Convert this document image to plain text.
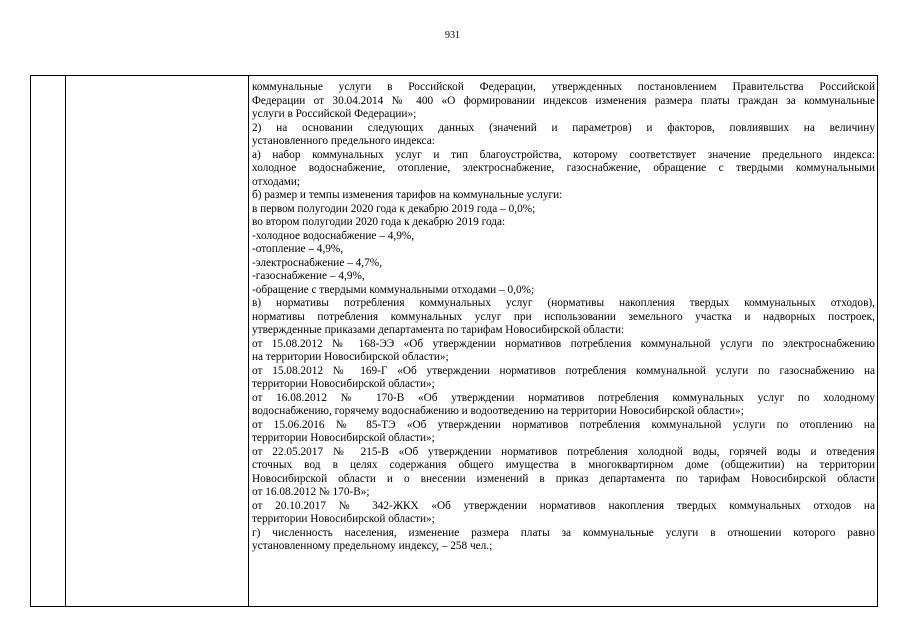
931
коммунальные услуги в Российской Федерации, утвержденных постановлением Правительства Российской
Федерации от 30.04.2014 № 400 «О формировании индексов изменения размера платы граждан за коммунальные
услуги в Российской Федерации»;
2) на основании следующих данных (значений и параметров) и факторов, повлиявших на величину
установленного предельного индекса:
а) набор коммунальных услуг и тип благоустройства, которому соответствует значение предельного индекса:
холодное водоснабжение, отопление, электроснабжение, газоснабжение, обращение с твердыми коммунальными
отходами;
б) размер и темпы изменения тарифов на коммунальные услуги:
в первом полугодии 2020 года к декабрю 2019 года – 0,0%;
во втором полугодии 2020 года к декабрю 2019 года:
-холодное водоснабжение – 4,9%,
-отопление – 4,9%,
-электроснабжение – 4,7%,
-газоснабжение – 4,9%,
-обращение с твердыми коммунальными отходами – 0,0%;
в) нормативы потребления коммунальных услуг (нормативы накопления твердых коммунальных отходов),
нормативы потребления коммунальных услуг при использовании земельного участка и надворных построек,
утвержденные приказами департамента по тарифам Новосибирской области:
от 15.08.2012 № 168-ЭЭ «Об утверждении нормативов потребления коммунальной услуги по электроснабжению
на территории Новосибирской области»;
от 15.08.2012 № 169-Г «Об утверждении нормативов потребления коммунальной услуги по газоснабжению на
территории Новосибирской области»;
от 16.08.2012 № 170-В «Об утверждении нормативов потребления коммунальных услуг по холодному
водоснабжению, горячему водоснабжению и водоотведению на территории Новосибирской области»;
от 15.06.2016 № 85-ТЭ «Об утверждении нормативов потребления коммунальной услуги по отоплению на
территории Новосибирской области»;
от 22.05.2017 № 215-В «Об утверждении нормативов потребления холодной воды, горячей воды и отведения
сточных вод в целях содержания общего имущества в многоквартирном доме (общежитии) на территории
Новосибирской области и о внесении изменений в приказ департамента по тарифам Новосибирской области
от 16.08.2012 № 170-В»;
от 20.10.2017 № 342-ЖКХ «Об утверждении нормативов накопления твердых коммунальных отходов на
территории Новосибирской области»;
г) численность населения, изменение размера платы за коммунальные услуги в отношении которого равно
установленному предельному индексу, – 258 чел.;
